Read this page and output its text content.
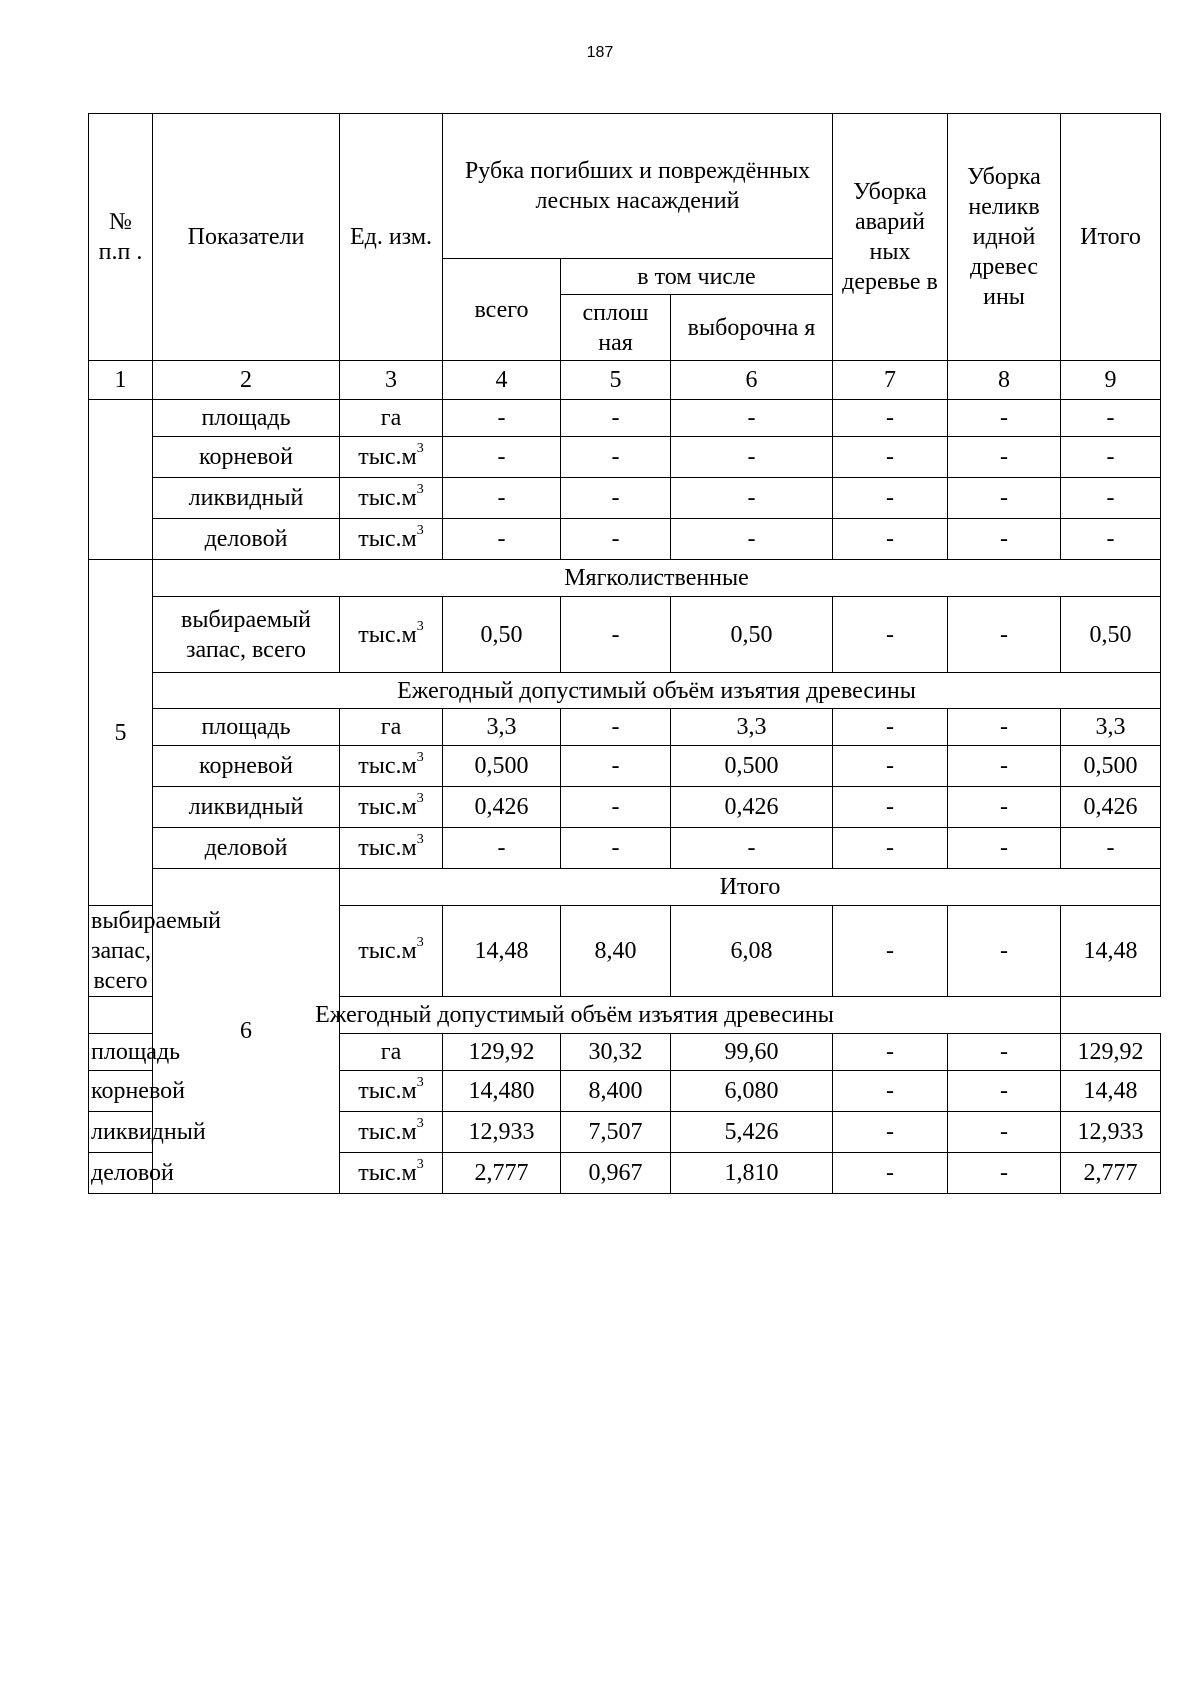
187
№ п.п .	Показатели	Ед. изм.	Рубка погибших и повреждённых лесных насаждений			Уборка аварий ных деревье в	Уборка неликв идной древес ины	Итого
			всего	в том числе				
				сплош ная	выборочна я			
1	2	3	4	5	6	7	8	9
	площадь	га	-	-	-	-	-	-
	корневой	$тыс.м^3$	-	-	-	-	-	-
	ликвидный	$тыс.м^3$	-	-	-	-	-	-
	деловой	$тыс.м^3$	-	-	-	-	-	-
5	Мягколиственные							
	выбираемый запас, всего	$тыс.м^3$	0,50	-	0,50	-	-	0,50
	Ежегодный допустимый объём изъятия древесины							
	площадь	га	3,3	-	3,3	-	-	3,3
	корневой	$тыс.м^3$	0,500	-	0,500	-	-	0,500
	ликвидный	$тыс.м^3$	0,426	-	0,426	-	-	0,426
	деловой	$тыс.м^3$	-	-	-	-	-	-
	6	Итого						
выбираемый запас, всего		$тыс.м^3$	14,48	8,40	6,08	-	-	14,48
Ежегодный допустимый объём изъятия древесины								
площадь		га	129,92	30,32	99,60	-	-	129,92
корневой		$тыс.м^3$	14,480	8,400	6,080	-	-	14,48
ликвидный		$тыс.м^3$	12,933	7,507	5,426	-	-	12,933
деловой		$тыс.м^3$	2,777	0,967	1,810	-	-	2,777
